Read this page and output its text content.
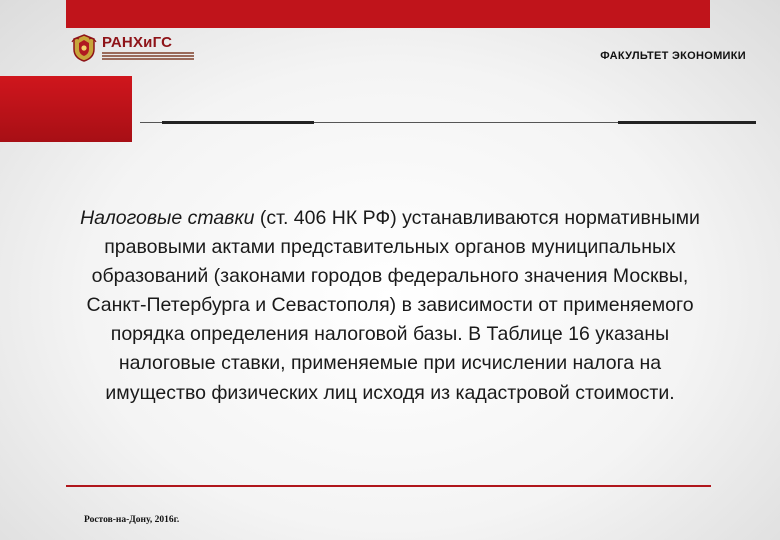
РАНХиГС
ФАКУЛЬТЕТ ЭКОНОМИКИ
Налоговые ставки (ст. 406 НК РФ) устанавливаются нормативными правовыми актами представительных органов муниципальных образований (законами городов федерального значения Москвы, Санкт-Петербурга и Севастополя) в зависимости от применяемого порядка определения налоговой базы. В Таблице 16 указаны налоговые ставки, применяемые при исчислении налога на имущество физических лиц исходя из кадастровой стоимости.
Ростов-на-Дону, 2016г.
